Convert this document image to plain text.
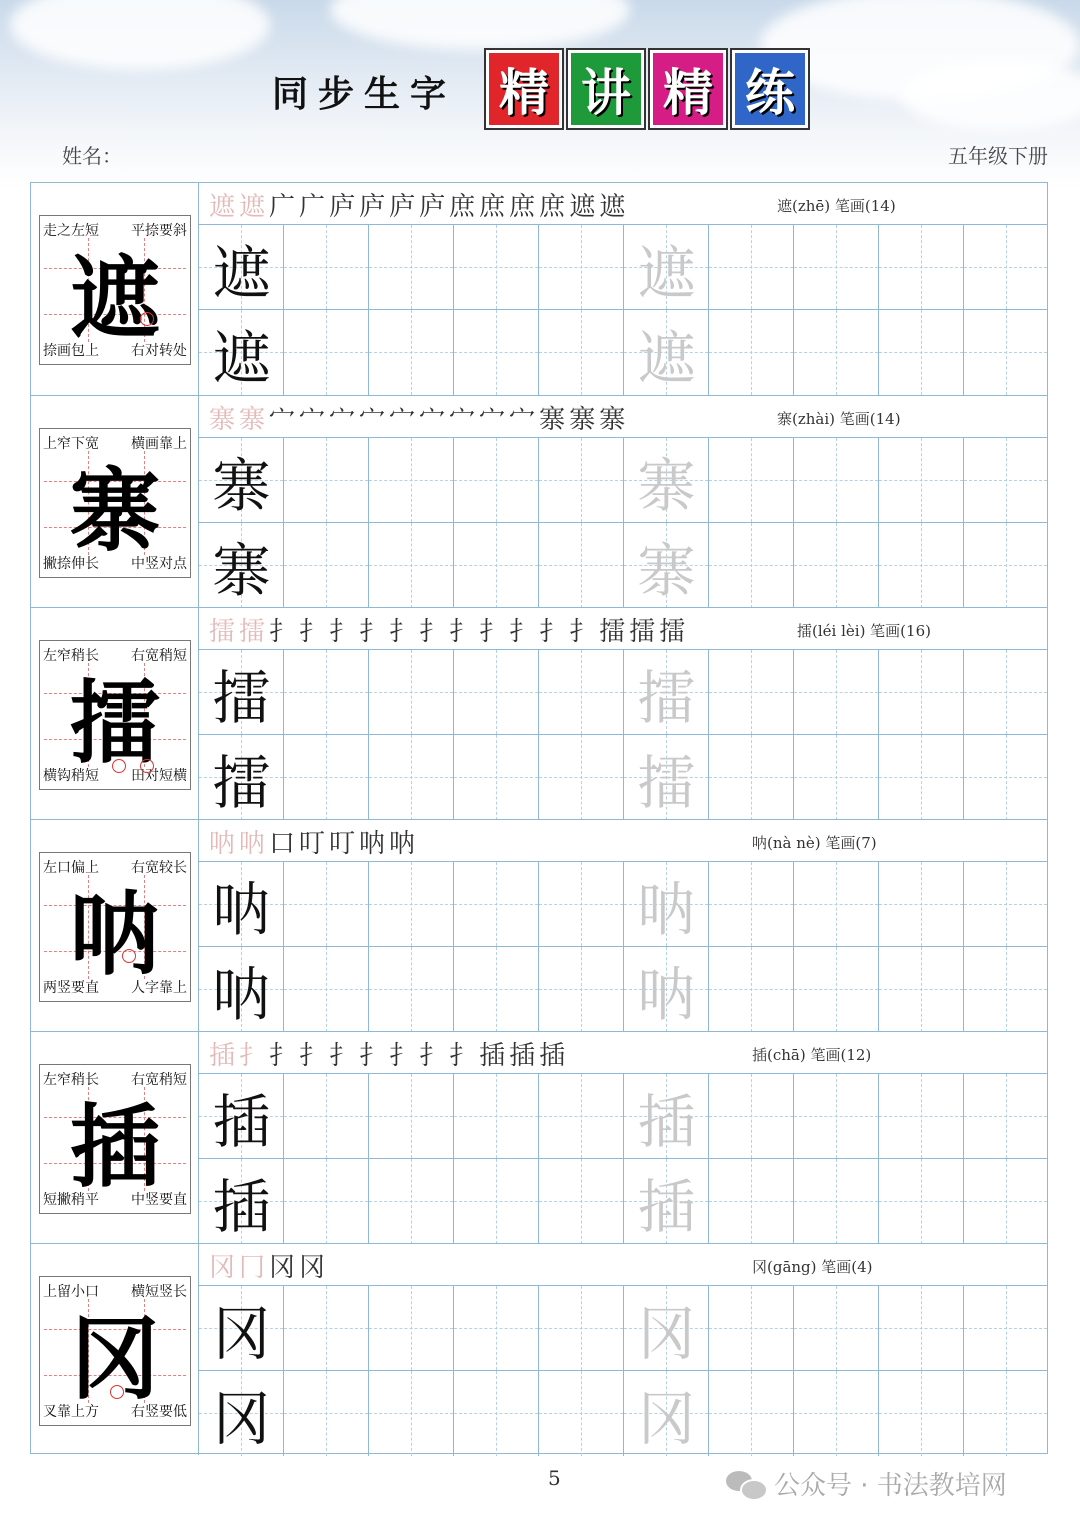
同步生字 精 讲 精 练
姓名：	五年级下册
走之左短 平捺要斜
捺画包上 右对转处
遮
遮 遮 广 广 庐 庐 庐 庐 庶 庶 庶 庶 遮 遮	遮(zhē) 笔画(14)
遮	遮
遮	遮
上窄下宽 横画靠上
撇捺伸长 中竖对点
寨
寨 寨 宀 宀 宀 宀 宀 宀 宀 宀 宀 寨 寨 寨	寨(zhài) 笔画(14)
寨	寨
寨	寨
左窄稍长 右宽稍短
横钩稍短 田对短横
擂
擂 擂 扌 扌 扌 扌 扌 扌 扌 扌 扌 扌 扌 擂 擂 擂	擂(léi lèi) 笔画(16)
擂	擂
擂	擂
左口偏上 右宽较长
两竖要直 人字靠上
呐
呐 呐 口 叮 叮 呐 呐	呐(nà nè) 笔画(7)
呐	呐
呐	呐
左窄稍长 右宽稍短
短撇稍平 中竖要直
插
插 扌 扌 扌 扌 扌 扌 扌 扌 插 插 插	插(chā) 笔画(12)
插	插
插	插
上留小口 横短竖长
叉靠上方 右竖要低
冈
冈 冂 冈 冈	冈(gāng) 笔画(4)
冈	冈
冈	冈
5	公众号 · 书法教培网
